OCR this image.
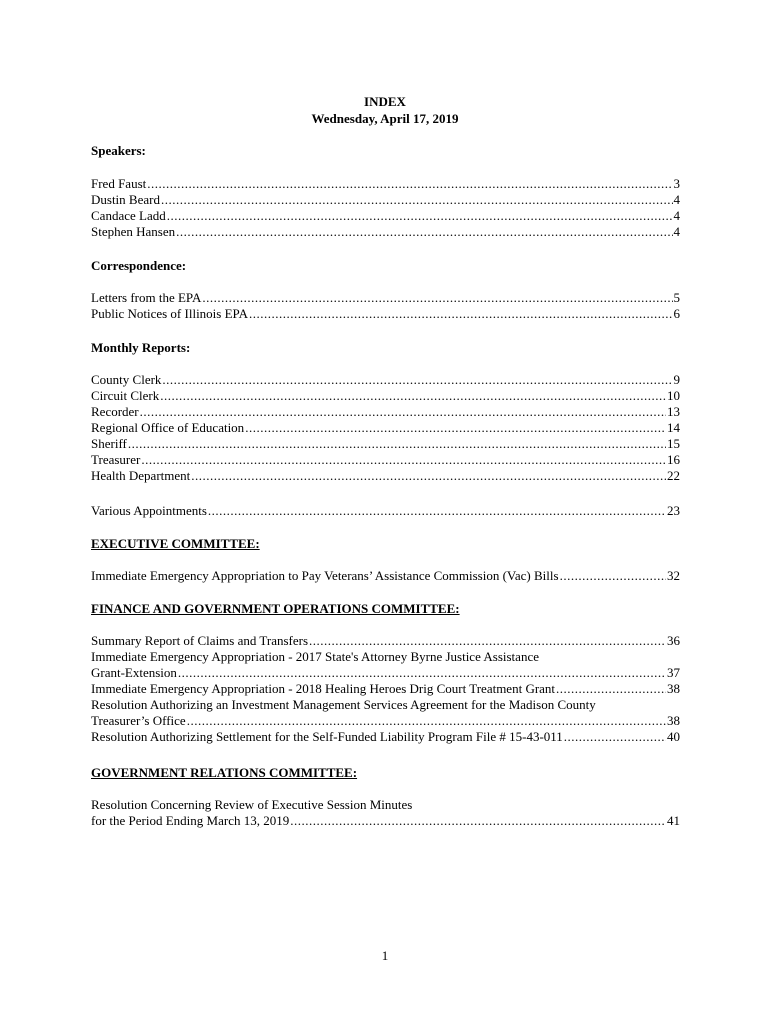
INDEX
Wednesday, April 17, 2019
Speakers:
Fred Faust .....	3
Dustin Beard .....	4
Candace Ladd .....	4
Stephen Hansen .....	4
Correspondence:
Letters from the EPA .....	5
Public Notices of Illinois EPA .....	6
Monthly Reports:
County Clerk .....	9
Circuit Clerk .....	10
Recorder .....	13
Regional Office of Education .....	14
Sheriff .....	15
Treasurer .....	16
Health Department .....	22
Various Appointments .....	23
EXECUTIVE COMMITTEE:
Immediate Emergency Appropriation to Pay Veterans’ Assistance Commission (Vac) Bills .....	32
FINANCE AND GOVERNMENT OPERATIONS COMMITTEE:
Summary Report of Claims and Transfers .....	36
Immediate Emergency Appropriation - 2017 State's Attorney Byrne Justice Assistance
Grant-Extension .....	37
Immediate Emergency Appropriation - 2018 Healing Heroes Drig Court Treatment Grant .....	38
Resolution Authorizing an Investment Management Services Agreement for the Madison County
Treasurer’s Office .....	38
Resolution Authorizing Settlement for the Self-Funded Liability Program File # 15-43-011 .....	40
GOVERNMENT RELATIONS COMMITTEE:
Resolution Concerning Review of Executive Session Minutes
for the Period Ending March 13, 2019 .....	41
1
